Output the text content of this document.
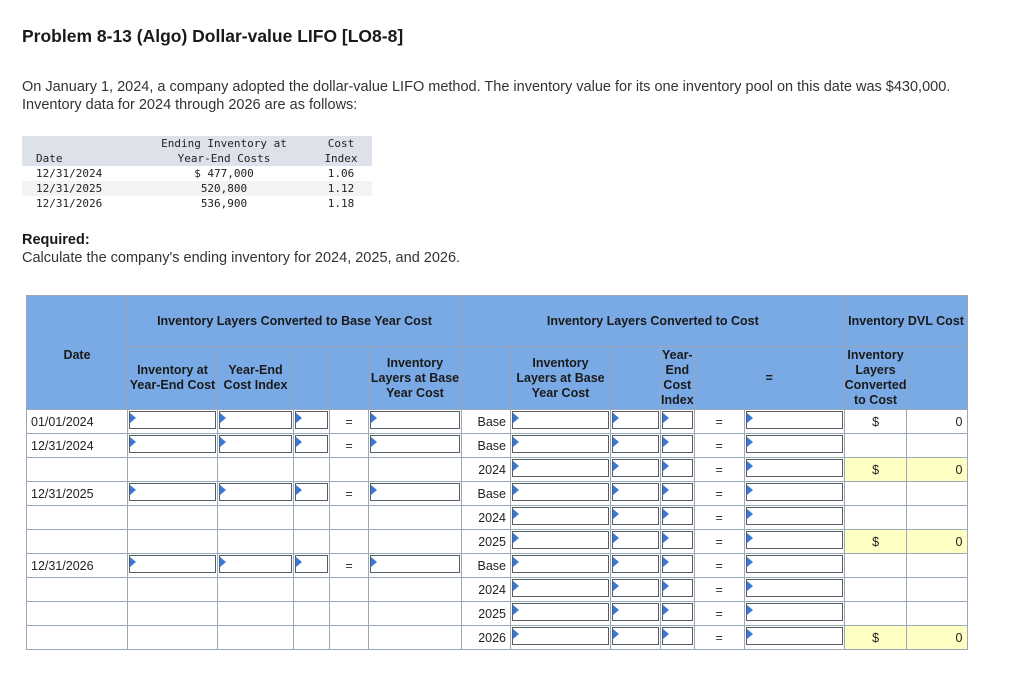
Problem 8-13 (Algo) Dollar-value LIFO [LO8-8]
On January 1, 2024, a company adopted the dollar-value LIFO method. The inventory value for its one inventory pool on this date was $430,000. Inventory data for 2024 through 2026 are as follows:
Date	Ending Inventory at
Year-End Costs	Cost
Index
12/31/2024	$ 477,000	1.06
12/31/2025	520,800	1.12
12/31/2026	536,900	1.18
Required:
Calculate the company's ending inventory for 2024, 2025, and 2026.
Date	Inventory Layers Converted to Base Year Cost					Inventory Layers Converted to Cost						Inventory DVL Cost	
	Inventory at Year-End Cost	Year-End Cost Index			Inventory Layers at Base Year Cost		Inventory Layers at Base Year Cost		Year-End Cost Index	=		Inventory Layers Converted to Cost	
01/01/2024				=		Base				=		$	0
12/31/2024				=		Base				=	

						2024				=		$	0
12/31/2025				=		Base				=	

						2024				=	

						2025				=		$	0
12/31/2026				=		Base				=	

						2024				=	

						2025				=	

						2026				=		$	0
